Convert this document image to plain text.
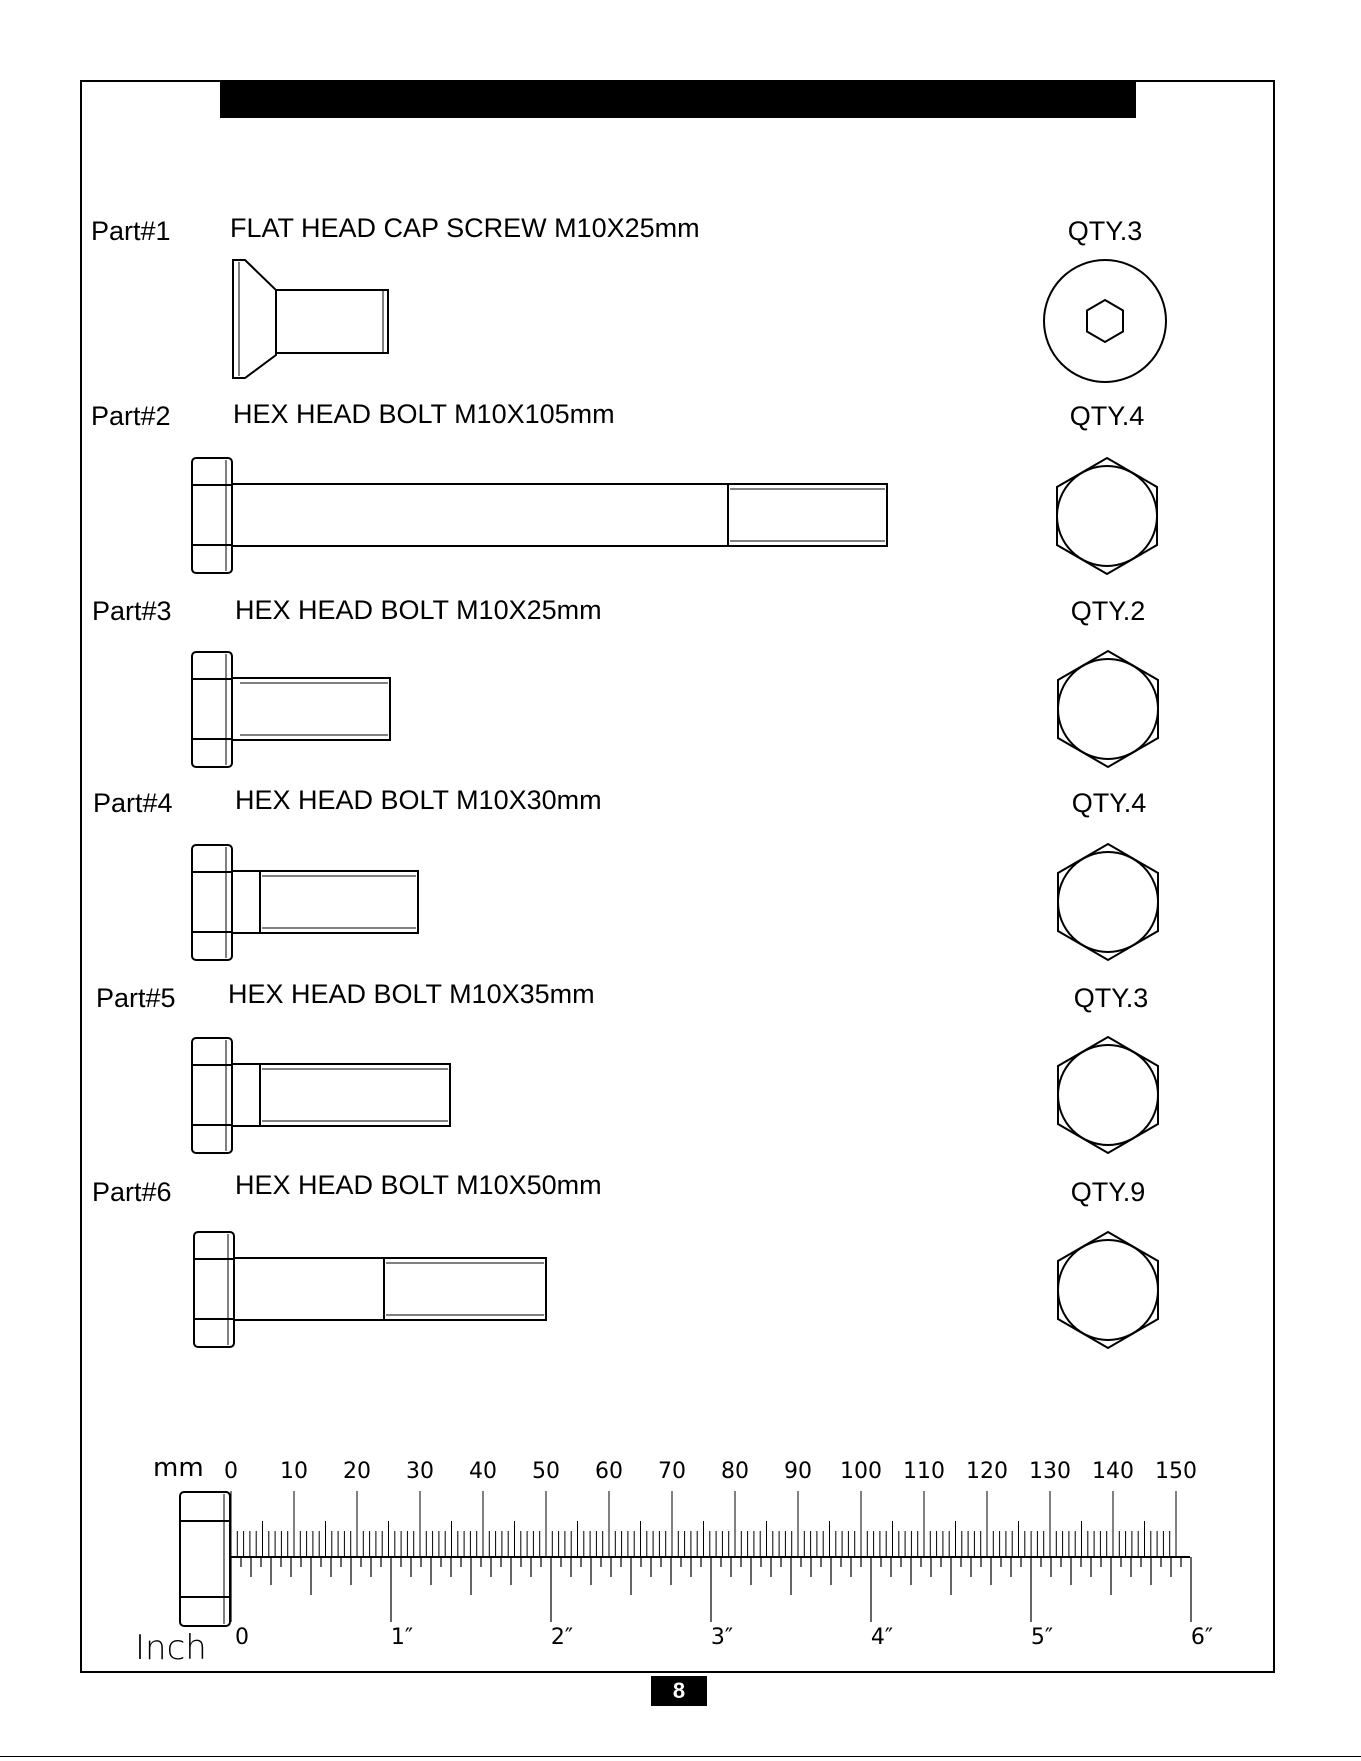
Part#1 FLAT HEAD CAP SCREW M10X25mm	QTY.3
Part#2 HEX HEAD BOLT M10X105mm	QTY.4
Part#3 HEX HEAD BOLT M10X25mm	QTY.2
Part#4 HEX HEAD BOLT M10X30mm	QTY.4
Part#5 HEX HEAD BOLT M10X35mm	QTY.3
Part#6 HEX HEAD BOLT M10X50mm	QTY.9
0 10 20 30 40 50 60 70 80 90 100 110 120 130 140 150
0	1″	2″	3″	4″	5″	6″
mm
Inch
8
